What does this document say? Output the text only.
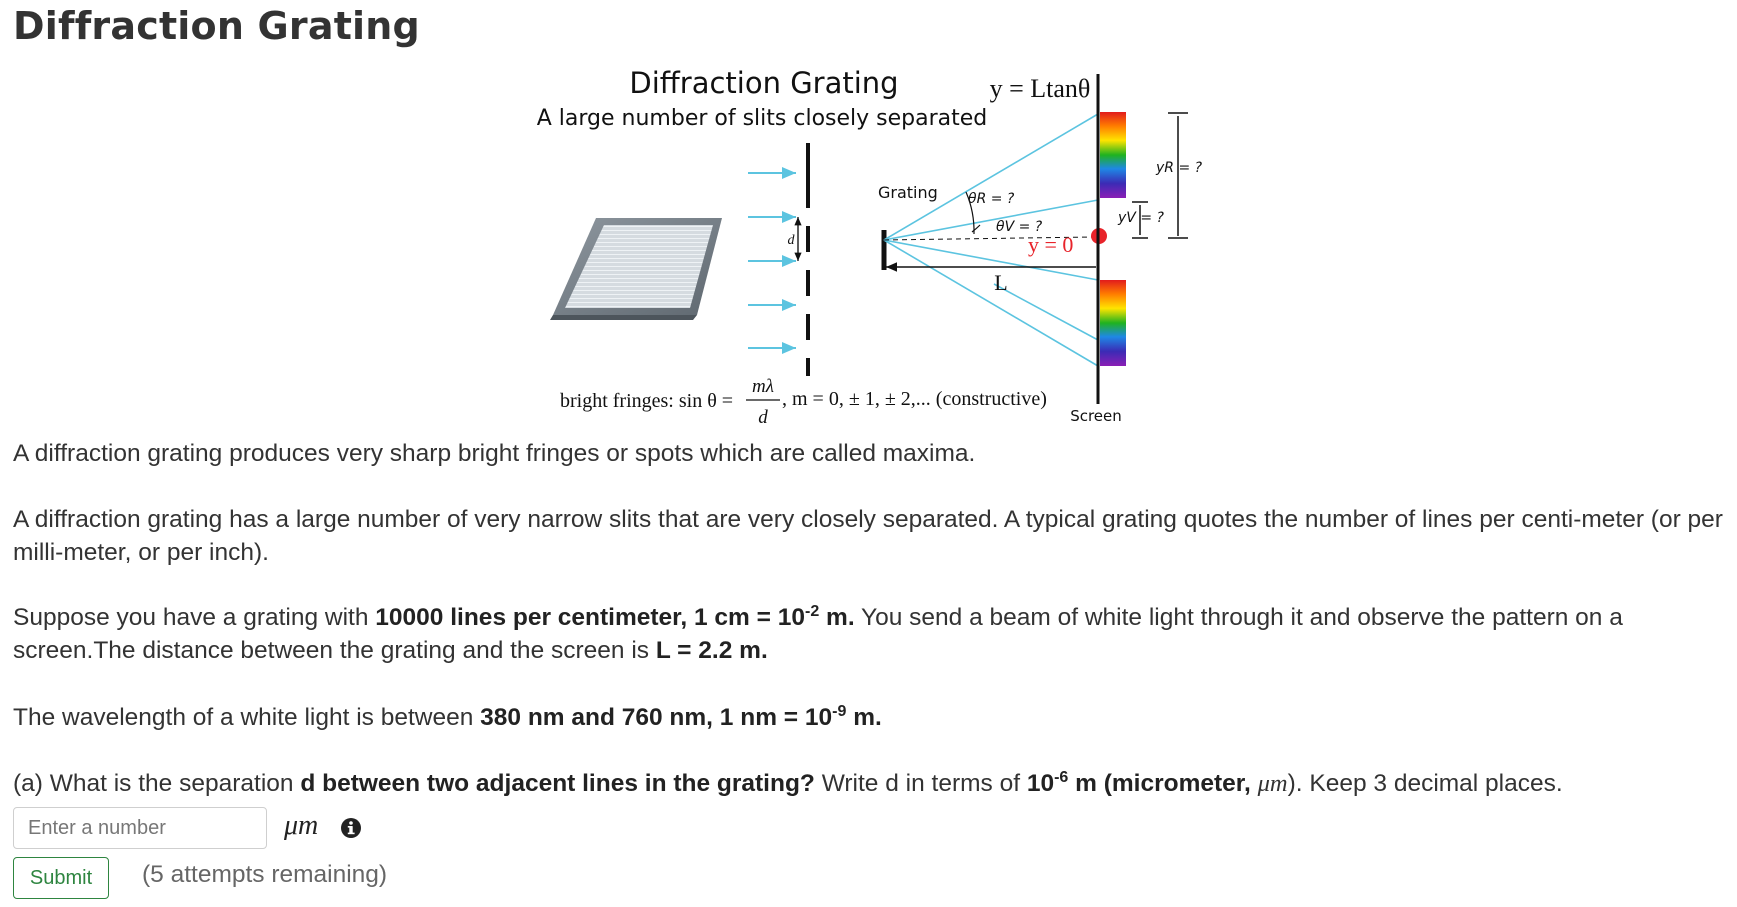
Diffraction Grating
Diffraction Grating
A large number of slits closely separated
y = Ltanθ
d
Grating θR = ?
θV = ?
y = 0
L
yR = ?
yV = ?
Screen
bright fringes: sin θ =
mλ
d
, m = 0, ± 1, ± 2,... (constructive)

A diffraction grating produces very sharp bright fringes or spots which are called maxima.

A diffraction grating has a large number of very narrow slits that are very closely separated. A typical grating quotes the number of lines per centi-meter (or per milli-meter, or per inch).

Suppose you have a grating with 10000 lines per centimeter, 1 cm = $10^{-2}$ m. You send a beam of white light through it and observe the pattern on a screen.The distance between the grating and the screen is L = 2.2 m.

The wavelength of a white light is between 380 nm and 760 nm, 1 nm = $10^{-9}$ m.

(a) What is the separation d between two adjacent lines in the grating? Write d in terms of $10^{-6}$ m (micrometer, μm). Keep 3 decimal places.

Enter a number
μm
Submit	(5 attempts remaining)
